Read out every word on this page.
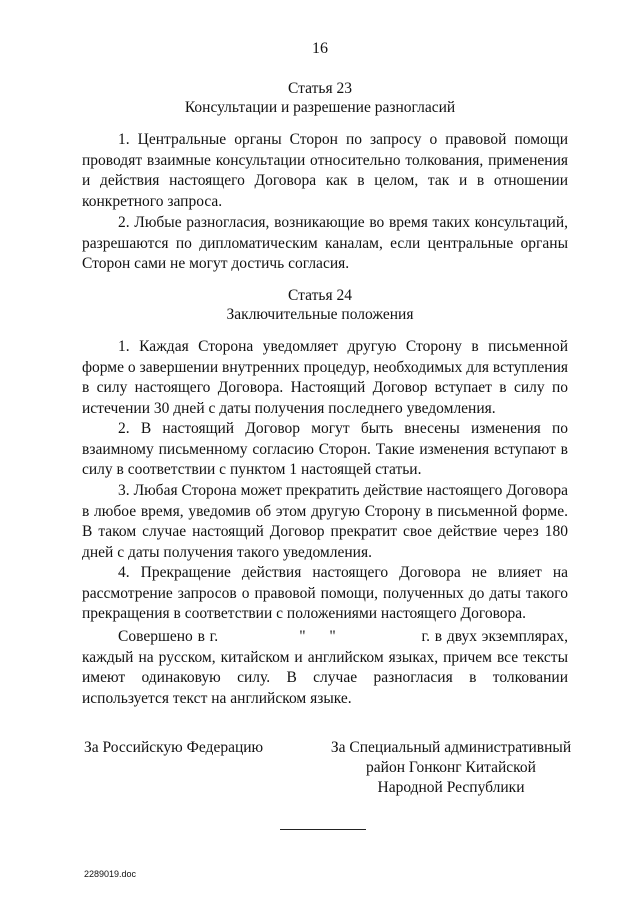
16
Статья 23
Консультации и разрешение разногласий

1. Центральные органы Сторон по запросу о правовой помощи проводят взаимные консультации относительно толкования, применения и действия настоящего Договора как в целом, так и в отношении конкретного запроса.

2. Любые разногласия, возникающие во время таких консультаций, разрешаются по дипломатическим каналам, если центральные органы Сторон сами не могут достичь согласия.

Статья 24
Заключительные положения

1. Каждая Сторона уведомляет другую Сторону в письменной форме о завершении внутренних процедур, необходимых для вступления в силу настоящего Договора. Настоящий Договор вступает в силу по истечении 30 дней с даты получения последнего уведомления.

2. В настоящий Договор могут быть внесены изменения по взаимному письменному согласию Сторон. Такие изменения вступают в силу в соответствии с пунктом 1 настоящей статьи.

3. Любая Сторона может прекратить действие настоящего Договора в любое время, уведомив об этом другую Сторону в письменной форме. В таком случае настоящий Договор прекратит свое действие через 180 дней с даты получения такого уведомления.

4. Прекращение действия настоящего Договора не влияет на рассмотрение запросов о правовой помощи, полученных до даты такого прекращения в соответствии с положениями настоящего Договора.

Совершено в г.                 "     "                  г. в двух экземплярах, каждый на русском, китайском и английском языках, причем все тексты имеют одинаковую силу. В случае разногласия в толковании используется текст на английском языке.

За Российскую Федерацию	За Специальный административный
район Гонконг Китайской
Народной Республики
2289019.doc
